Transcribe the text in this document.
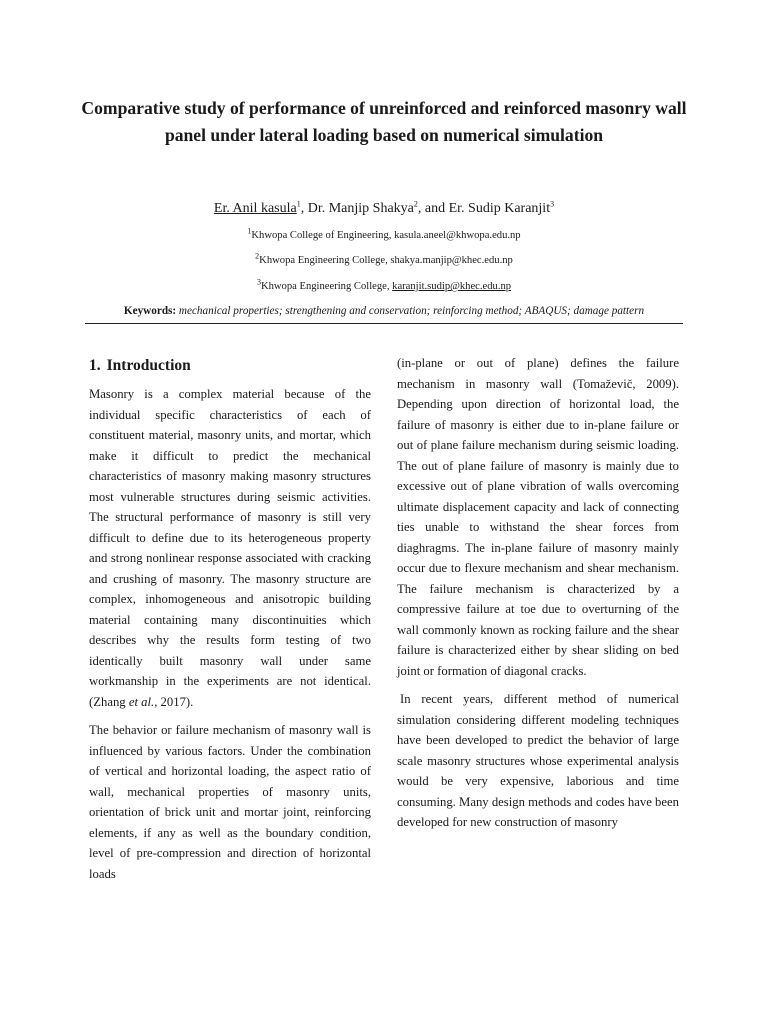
Comparative study of performance of unreinforced and reinforced masonry wall panel under lateral loading based on numerical simulation

Er. Anil kasula$^1$, Dr. Manjip Shakya$^2$, and Er. Sudip Karanjit$^3$

$^1$Khwopa College of Engineering, kasula.aneel@khwopa.edu.np

$^2$Khwopa Engineering College, shakya.manjip@khec.edu.np

$^3$Khwopa Engineering College, karanjit.sudip@khec.edu.np

Keywords: mechanical properties; strengthening and conservation; reinforcing method; ABAQUS; damage pattern

1. Introduction

Masonry is a complex material because of the individual specific characteristics of each of constituent material, masonry units, and mortar, which make it difficult to predict the mechanical characteristics of masonry making masonry structures most vulnerable structures during seismic activities. The structural performance of masonry is still very difficult to define due to its heterogeneous property and strong nonlinear response associated with cracking and crushing of masonry. The masonry structure are complex, inhomogeneous and anisotropic building material containing many discontinuities which describes why the results form testing of two identically built masonry wall under same workmanship in the experiments are not identical. (Zhang et al., 2017).

The behavior or failure mechanism of masonry wall is influenced by various factors. Under the combination of vertical and horizontal loading, the aspect ratio of wall, mechanical properties of masonry units, orientation of brick unit and mortar joint, reinforcing elements, if any as well as the boundary condition, level of pre-compression and direction of horizontal loads

(in-plane or out of plane) defines the failure mechanism in masonry wall (Tomaževič, 2009). Depending upon direction of horizontal load, the failure of masonry is either due to in-plane failure or out of plane failure mechanism during seismic loading. The out of plane failure of masonry is mainly due to excessive out of plane vibration of walls overcoming ultimate displacement capacity and lack of connecting ties unable to withstand the shear forces from diaghragms. The in-plane failure of masonry mainly occur due to flexure mechanism and shear mechanism. The failure mechanism is characterized by a compressive failure at toe due to overturning of the wall commonly known as rocking failure and the shear failure is characterized either by shear sliding on bed joint or formation of diagonal cracks.

In recent years, different method of numerical simulation considering different modeling techniques have been developed to predict the behavior of large scale masonry structures whose experimental analysis would be very expensive, laborious and time consuming. Many design methods and codes have been developed for new construction of masonry
